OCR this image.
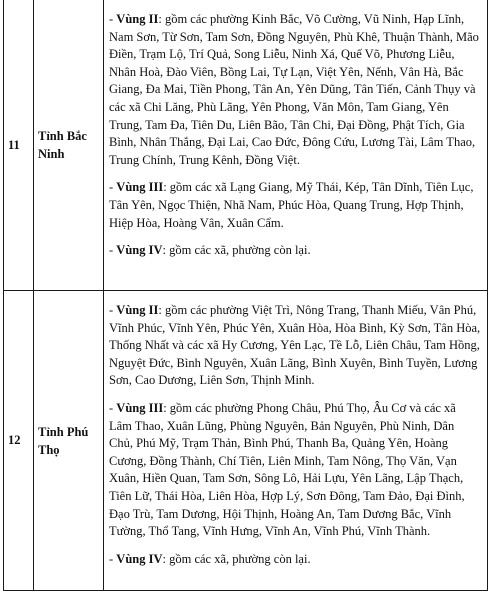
11	Tỉnh Bắc Ninh	- Vùng II: gồm các phường Kinh Bắc, Võ Cường, Vũ Ninh, Hạp Lĩnh, Nam Sơn, Từ Sơn, Tam Sơn, Đồng Nguyên, Phù Khê, Thuận Thành, Mão Điền, Trạm Lộ, Trí Quả, Song Liễu, Ninh Xá, Quế Võ, Phương Liễu, Nhân Hoà, Đào Viên, Bồng Lai, Tự Lạn, Việt Yên, Nếnh, Vân Hà, Bắc Giang, Đa Mai, Tiền Phong, Tân An, Yên Dũng, Tân Tiến, Cảnh Thụy và các xã Chi Lăng, Phù Lãng, Yên Phong, Văn Môn, Tam Giang, Yên Trung, Tam Đa, Tiên Du, Liên Bão, Tân Chi, Đại Đồng, Phật Tích, Gia Bình, Nhân Thắng, Đại Lai, Cao Đức, Đông Cứu, Lương Tài, Lâm Thao, Trung Chính, Trung Kênh, Đồng Việt.

- Vùng III: gồm các xã Lạng Giang, Mỹ Thái, Kép, Tân Dĩnh, Tiên Lục, Tân Yên, Ngọc Thiện, Nhã Nam, Phúc Hòa, Quang Trung, Hợp Thịnh, Hiệp Hòa, Hoàng Vân, Xuân Cẩm.

- Vùng IV: gồm các xã, phường còn lại.

12	Tỉnh Phú Thọ	- Vùng II: gồm các phường Việt Trì, Nông Trang, Thanh Miếu, Vân Phú, Vĩnh Phúc, Vĩnh Yên, Phúc Yên, Xuân Hòa, Hòa Bình, Kỳ Sơn, Tân Hòa, Thống Nhất và các xã Hy Cương, Yên Lạc, Tề Lỗ, Liên Châu, Tam Hồng, Nguyệt Đức, Bình Nguyên, Xuân Lãng, Bình Xuyên, Bình Tuyền, Lương Sơn, Cao Dương, Liên Sơn, Thịnh Minh.

- Vùng III: gồm các phường Phong Châu, Phú Thọ, Âu Cơ và các xã Lâm Thao, Xuân Lũng, Phùng Nguyên, Bản Nguyên, Phù Ninh, Dân Chủ, Phú Mỹ, Trạm Thản, Bình Phú, Thanh Ba, Quảng Yên, Hoàng Cương, Đồng Thành, Chí Tiên, Liên Minh, Tam Nông, Thọ Văn, Vạn Xuân, Hiền Quan, Tam Sơn, Sông Lô, Hải Lựu, Yên Lãng, Lập Thạch, Tiên Lữ, Thái Hòa, Liên Hòa, Hợp Lý, Sơn Đông, Tam Đảo, Đại Đình, Đạo Trù, Tam Dương, Hội Thịnh, Hoàng An, Tam Dương Bắc, Vĩnh Tường, Thổ Tang, Vĩnh Hưng, Vĩnh An, Vĩnh Phú, Vĩnh Thành.

- Vùng IV: gồm các xã, phường còn lại.
